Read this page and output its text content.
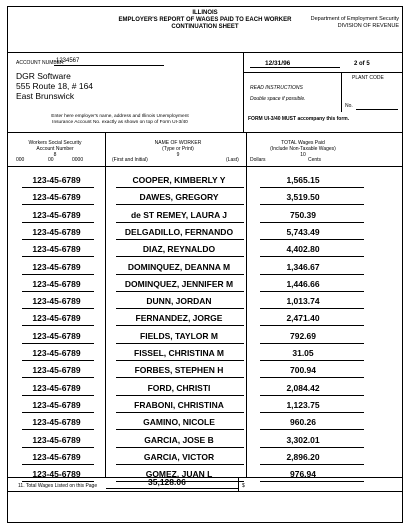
ILLINOIS
EMPLOYER'S REPORT OF WAGES PAID TO EACH WORKER
CONTINUATION SHEET
Department of Employment Security
DIVISION OF REVENUE
ACCOUNT NUMBER
1234567	12/31/96	2 of 5
PLANT CODE
No.
READ INSTRUCTIONS
Double space if possible.
FORM UI-3/40 MUST accompany this form.
DGR Software
555 Route 18, # 164
East Brunswick
Enter here employer's name, address and Illinois Unemployment
Insurance Account No. exactly as shown on top of Form UI-3/40
Workers Social Security
Account Number
8
000	00	0000
NAME OF WORKER
(Type or Print)
9
(First and Initial)	(Last)
TOTAL Wages Paid
(Include Non-Taxable Wages)
10
Dollars	Cents
123-45-6789	COOPER, KIMBERLY Y	1,565.15
123-45-6789	DAWES, GREGORY	3,519.50
123-45-6789	de ST REMEY, LAURA J	750.39
123-45-6789	DELGADILLO, FERNANDO	5,743.49
123-45-6789	DIAZ, REYNALDO	4,402.80
123-45-6789	DOMINQUEZ, DEANNA M	1,346.67
123-45-6789	DOMINQUEZ, JENNIFER M	1,446.66
123-45-6789	DUNN, JORDAN	1,013.74
123-45-6789	FERNANDEZ, JORGE	2,471.40
123-45-6789	FIELDS, TAYLOR M	792.69
123-45-6789	FISSEL, CHRISTINA M	31.05
123-45-6789	FORBES, STEPHEN H	700.94
123-45-6789	FORD, CHRISTI	2,084.42
123-45-6789	FRABONI, CHRISTINA	1,123.75
123-45-6789	GAMINO, NICOLE	960.26
123-45-6789	GARCIA, JOSE B	3,302.01
123-45-6789	GARCIA, VICTOR	2,896.20
123-45-6789	GOMEZ, JUAN L	976.94
11. Total Wages Listed on this Page	35,128.06	$
